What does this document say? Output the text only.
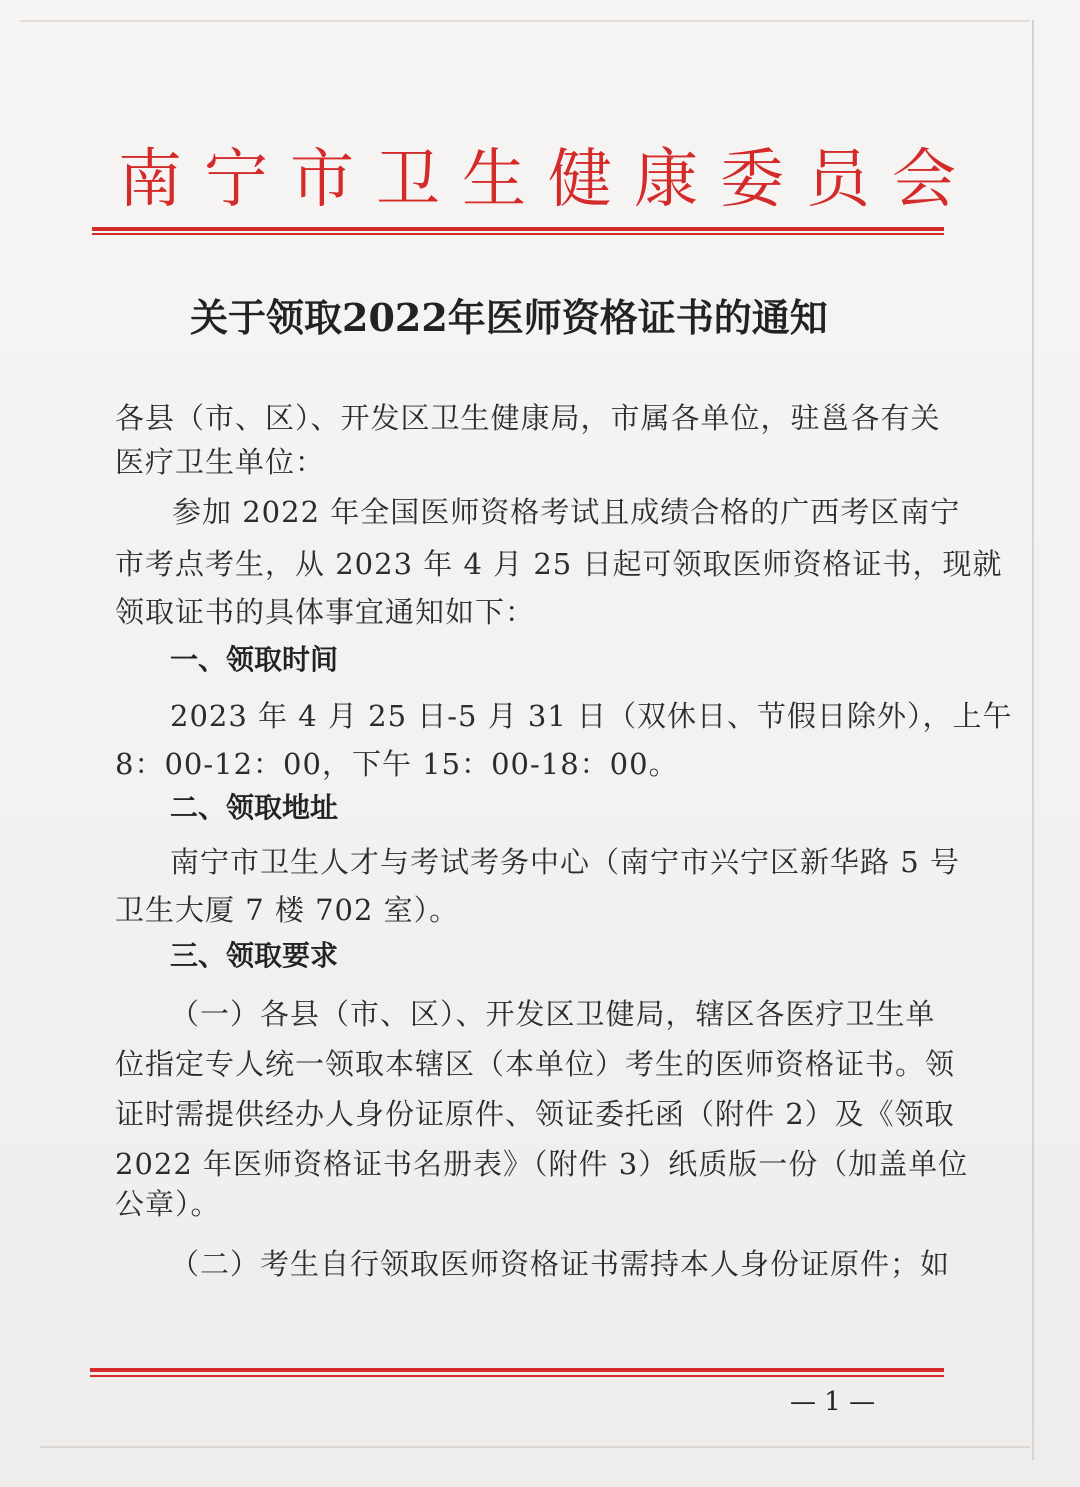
南宁市卫生健康委员会
关于领取2022年医师资格证书的通知
各县（市、区）、开发区卫生健康局，市属各单位，驻邕各有关
医疗卫生单位：
参加 2022 年全国医师资格考试且成绩合格的广西考区南宁
市考点考生，从 2023 年 4 月 25 日起可领取医师资格证书，现就
领取证书的具体事宜通知如下：
一、领取时间
2023 年 4 月 25 日-5 月 31 日（双休日、节假日除外），上午
8：00-12：00，下午 15：00-18：00。
二、领取地址
南宁市卫生人才与考试考务中心（南宁市兴宁区新华路 5 号
卫生大厦 7 楼 702 室）。
三、领取要求
（一）各县（市、区）、开发区卫健局，辖区各医疗卫生单
位指定专人统一领取本辖区（本单位）考生的医师资格证书。领
证时需提供经办人身份证原件、领证委托函（附件 2）及《领取
2022 年医师资格证书名册表》（附件 3）纸质版一份（加盖单位
公章）。
（二）考生自行领取医师资格证书需持本人身份证原件；如
— 1 —
